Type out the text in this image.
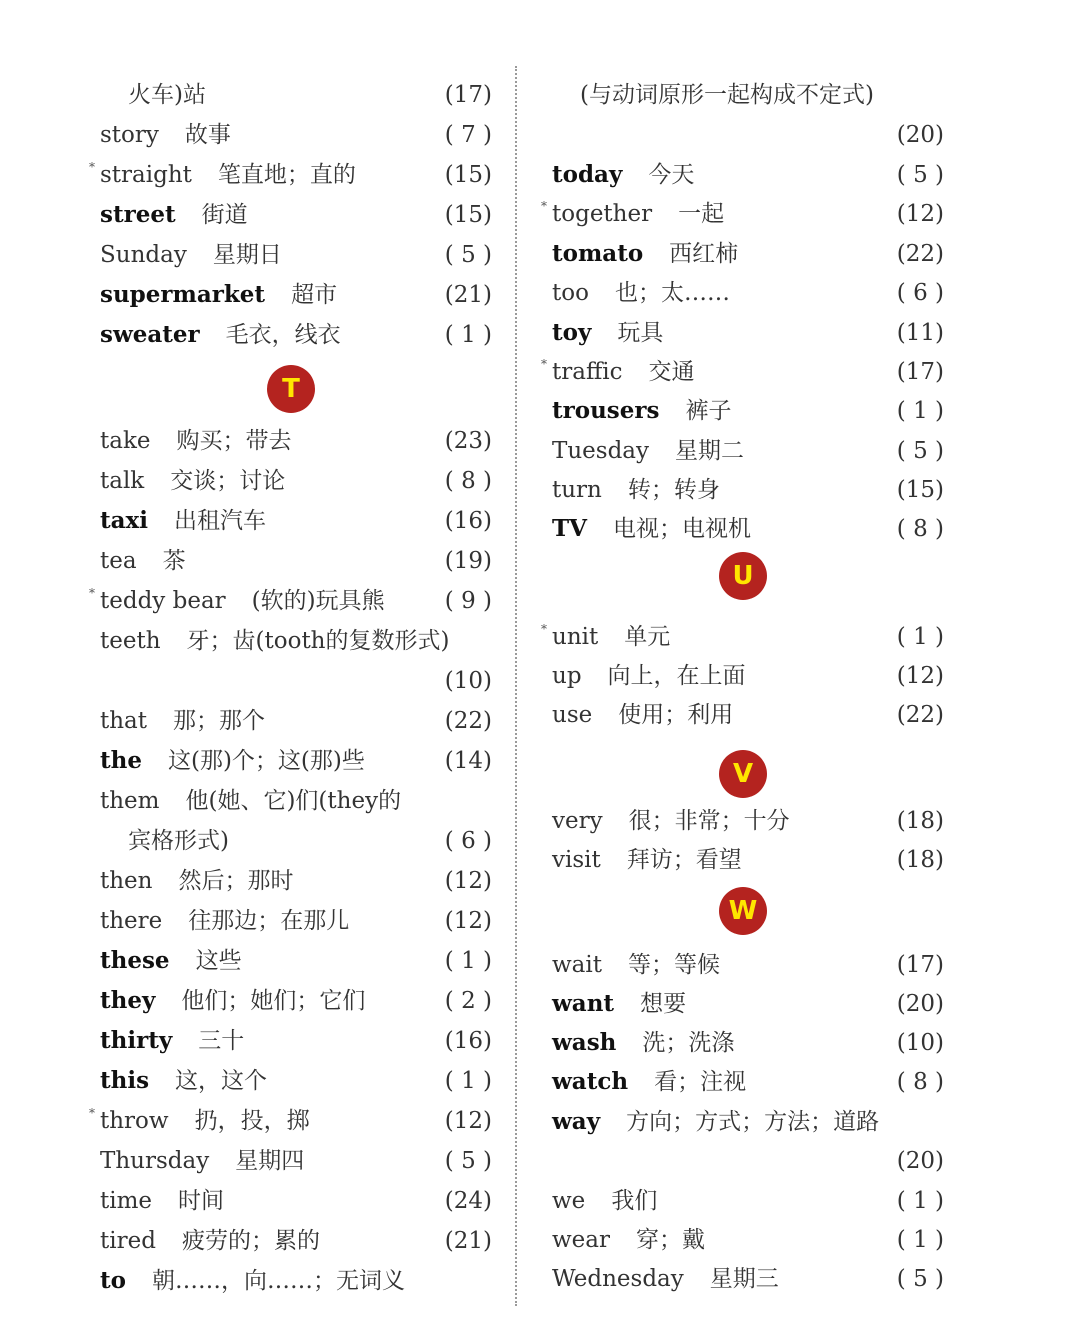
火车)站	(17)
story 故事	( 7 )
* straight 笔直地；直的	(15)
street 街道	(15)
Sunday 星期日	( 5 )
supermarket 超市	(21)
sweater 毛衣，线衣	( 1 )
T
take 购买；带去	(23)
talk 交谈；讨论	( 8 )
taxi 出租汽车	(16)
tea 茶	(19)
* teddy bear (软的)玩具熊	( 9 )
teeth 牙；齿(tooth的复数形式)
(10)
that 那；那个	(22)
the 这(那)个；这(那)些	(14)
them 他(她、它)们(they的
宾格形式)	( 6 )
then 然后；那时	(12)
there 往那边；在那儿	(12)
these 这些	( 1 )
they 他们；她们；它们	( 2 )
thirty 三十	(16)
this 这，这个	( 1 )
* throw 扔，投，掷	(12)
Thursday 星期四	( 5 )
time 时间	(24)
tired 疲劳的；累的	(21)
to 朝……，向……；无词义
(与动词原形一起构成不定式)
(20)
today 今天	( 5 )
* together 一起	(12)
tomato 西红柿	(22)
too 也；太……	( 6 )
toy 玩具	(11)
* traffic 交通	(17)
trousers 裤子	( 1 )
Tuesday 星期二	( 5 )
turn 转；转身	(15)
TV 电视；电视机	( 8 )
U
* unit 单元	( 1 )
up 向上，在上面	(12)
use 使用；利用	(22)
V
very 很；非常；十分	(18)
visit 拜访；看望	(18)
W
wait 等；等候	(17)
want 想要	(20)
wash 洗；洗涤	(10)
watch 看；注视	( 8 )
way 方向；方式；方法；道路
(20)
we 我们	( 1 )
wear 穿；戴	( 1 )
Wednesday 星期三	( 5 )
